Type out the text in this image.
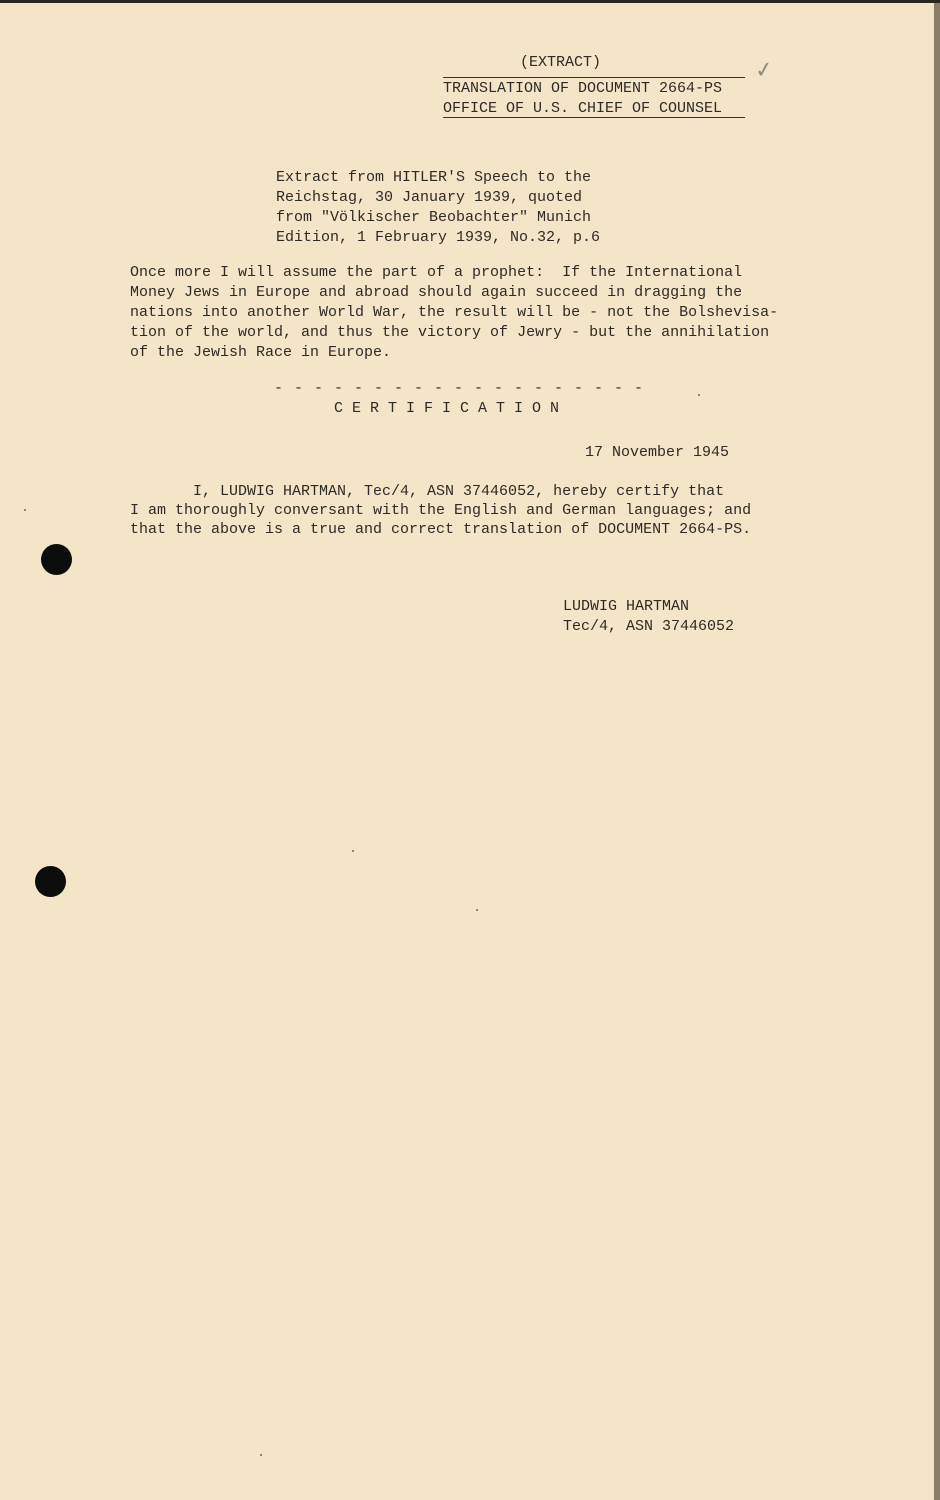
(EXTRACT)
TRANSLATION OF DOCUMENT 2664-PS
OFFICE OF U.S. CHIEF OF COUNSEL
✓
Extract from HITLER'S Speech to the
Reichstag, 30 January 1939, quoted
from "Völkischer Beobachter" Munich
Edition, 1 February 1939, No.32, p.6
Once more I will assume the part of a prophet:  If the International
Money Jews in Europe and abroad should again succeed in dragging the
nations into another World War, the result will be - not the Bolshevisa-
tion of the world, and thus the victory of Jewry - but the annihilation
of the Jewish Race in Europe.
- - - - - - - - - - - - - - - - - - -
C E R T I F I C A T I O N
17 November 1945
I, LUDWIG HARTMAN, Tec/4, ASN 37446052, hereby certify that
I am thoroughly conversant with the English and German languages; and
that the above is a true and correct translation of DOCUMENT 2664-PS.
LUDWIG HARTMAN
Tec/4, ASN 37446052
